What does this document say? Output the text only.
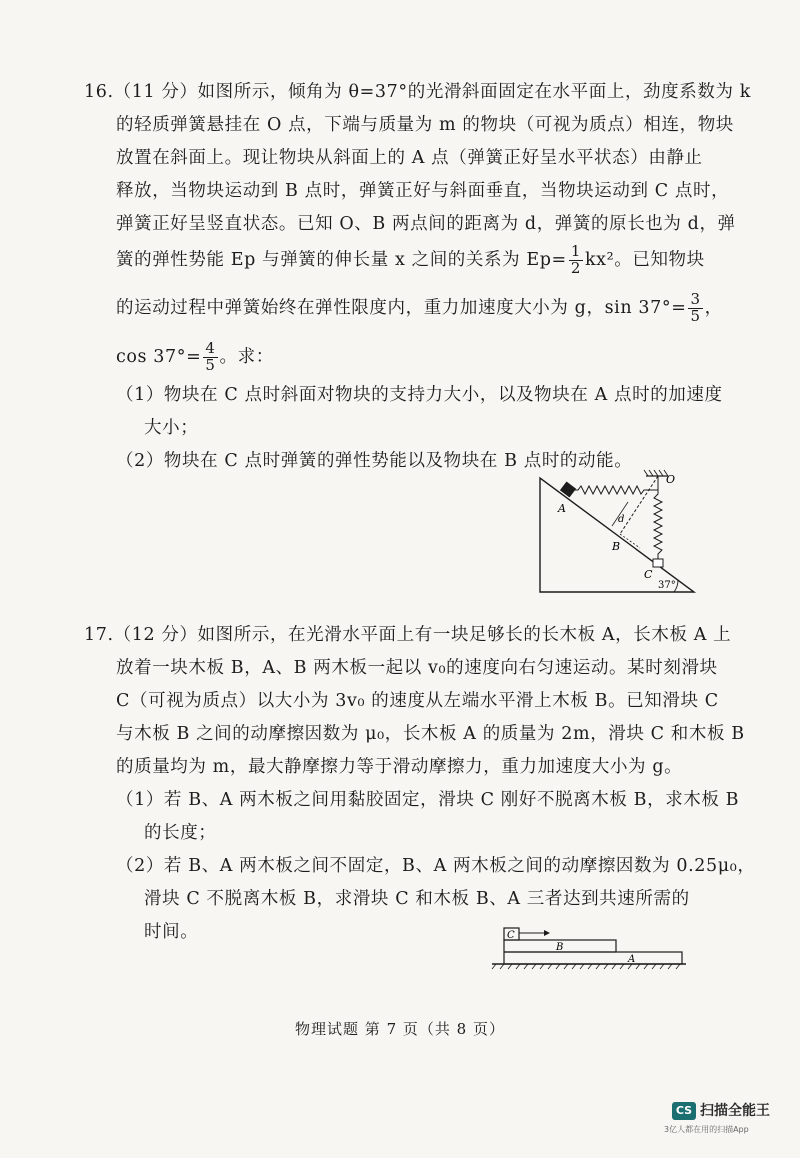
16.（11 分）如图所示，倾角为 θ=37°的光滑斜面固定在水平面上，劲度系数为 k
的轻质弹簧悬挂在 O 点，下端与质量为 m 的物块（可视为质点）相连，物块
放置在斜面上。现让物块从斜面上的 A 点（弹簧正好呈水平状态）由静止
释放，当物块运动到 B 点时，弹簧正好与斜面垂直，当物块运动到 C 点时，
弹簧正好呈竖直状态。已知 O、B 两点间的距离为 d，弹簧的原长也为 d，弹
簧的弹性势能 Ep 与弹簧的伸长量 x 之间的关系为 $Ep= \frac{1}{2} kx^2$。已知物块
的运动过程中弹簧始终在弹性限度内，重力加速度大小为 g，$\sin 37^\circ= \frac{3}{5}$ ，
$\cos 37^\circ= \frac{4}{5}$ 。求：
（1）物块在 C 点时斜面对物块的支持力大小，以及物块在 A 点时的加速度
大小；
（2）物块在 C 点时弹簧的弹性势能以及物块在 B 点时的动能。
O
A
B
C
d
37°
17.（12 分）如图所示，在光滑水平面上有一块足够长的长木板 A，长木板 A 上
放着一块木板 B，A、B 两木板一起以 v₀的速度向右匀速运动。某时刻滑块
C（可视为质点）以大小为 3v₀ 的速度从左端水平滑上木板 B。已知滑块 C
与木板 B 之间的动摩擦因数为 μ₀，长木板 A 的质量为 2m，滑块 C 和木板 B
的质量均为 m，最大静摩擦力等于滑动摩擦力，重力加速度大小为 g。
（1）若 B、A 两木板之间用黏胶固定，滑块 C 刚好不脱离木板 B，求木板 B
的长度；
（2）若 B、A 两木板之间不固定，B、A 两木板之间的动摩擦因数为 0.25μ₀，
滑块 C 不脱离木板 B，求滑块 C 和木板 B、A 三者达到共速所需的
时间。	C
B
A
物理试题 第 7 页（共 8 页）
CS 扫描全能王
3亿人都在用的扫描App
